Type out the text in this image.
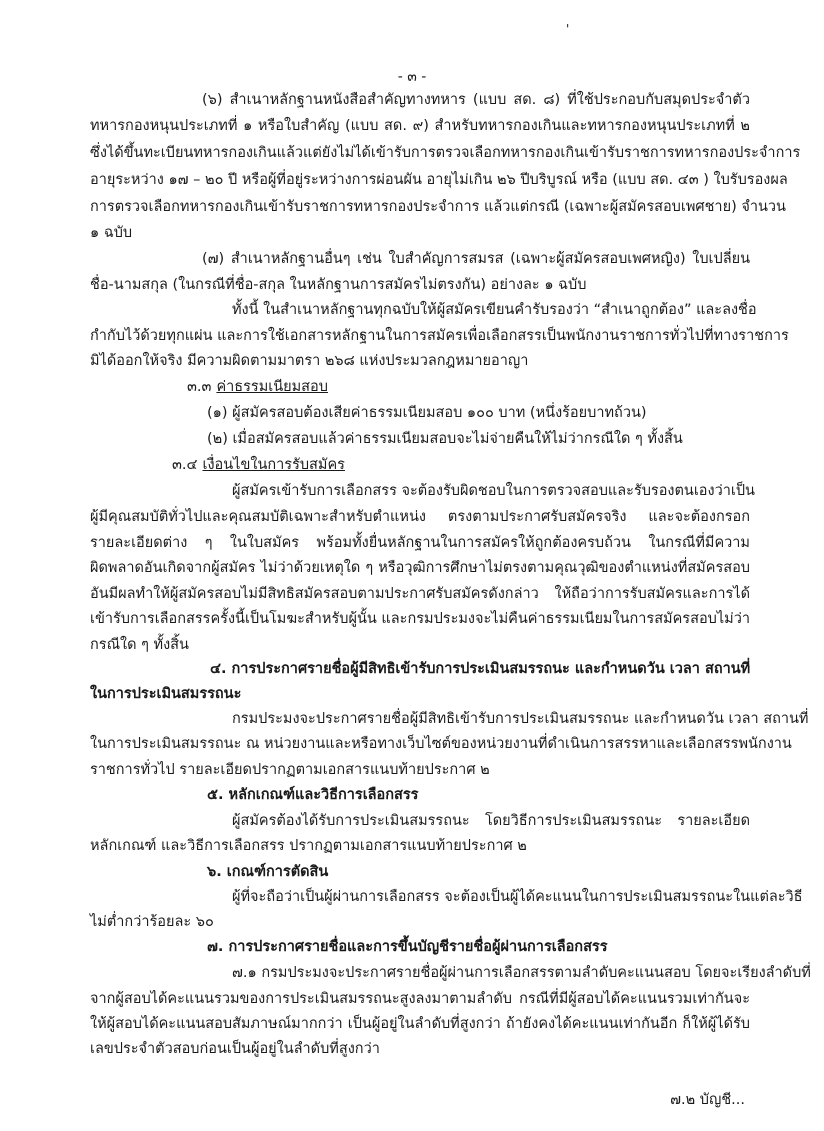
'
- ๓ -
(๖) สำเนาหลักฐานหนังสือสำคัญทางทหาร (แบบ สด. ๘) ที่ใช้ประกอบกับสมุดประจำตัว
ทหารกองหนุนประเภทที่ ๑ หรือใบสำคัญ (แบบ สด. ๙) สำหรับทหารกองเกินและทหารกองหนุนประเภทที่ ๒
ซึ่งได้ขึ้นทะเบียนทหารกองเกินแล้วแต่ยังไม่ได้เข้ารับการตรวจเลือกทหารกองเกินเข้ารับราชการทหารกองประจำการ
อายุระหว่าง ๑๗ – ๒๐ ปี หรือผู้ที่อยู่ระหว่างการผ่อนผัน อายุไม่เกิน ๒๖ ปีบริบูรณ์ หรือ (แบบ สด. ๔๓ ) ใบรับรองผล
การตรวจเลือกทหารกองเกินเข้ารับราชการทหารกองประจำการ แล้วแต่กรณี (เฉพาะผู้สมัครสอบเพศชาย) จำนวน
๑ ฉบับ
(๗) สำเนาหลักฐานอื่นๆ เช่น ใบสำคัญการสมรส (เฉพาะผู้สมัครสอบเพศหญิง) ใบเปลี่ยน
ชื่อ-นามสกุล (ในกรณีที่ชื่อ-สกุล ในหลักฐานการสมัครไม่ตรงกัน) อย่างละ ๑ ฉบับ
ทั้งนี้ ในสำเนาหลักฐานทุกฉบับให้ผู้สมัครเขียนคำรับรองว่า “สำเนาถูกต้อง” และลงชื่อ
กำกับไว้ด้วยทุกแผ่น และการใช้เอกสารหลักฐานในการสมัครเพื่อเลือกสรรเป็นพนักงานราชการทั่วไปที่ทางราชการ
มิได้ออกให้จริง มีความผิดตามมาตรา ๒๖๘ แห่งประมวลกฎหมายอาญา
๓.๓ ค่าธรรมเนียมสอบ
(๑) ผู้สมัครสอบต้องเสียค่าธรรมเนียมสอบ ๑๐๐ บาท (หนึ่งร้อยบาทถ้วน)
(๒) เมื่อสมัครสอบแล้วค่าธรรมเนียมสอบจะไม่จ่ายคืนให้ไม่ว่ากรณีใด ๆ ทั้งสิ้น
๓.๔ เงื่อนไขในการรับสมัคร
ผู้สมัครเข้ารับการเลือกสรร จะต้องรับผิดชอบในการตรวจสอบและรับรองตนเองว่าเป็น
ผู้มีคุณสมบัติทั่วไปและคุณสมบัติเฉพาะสำหรับตำแหน่ง ตรงตามประกาศรับสมัครจริง และจะต้องกรอก
รายละเอียดต่าง ๆ ในใบสมัคร พร้อมทั้งยื่นหลักฐานในการสมัครให้ถูกต้องครบถ้วน ในกรณีที่มีความ
ผิดพลาดอันเกิดจากผู้สมัคร ไม่ว่าด้วยเหตุใด ๆ หรือวุฒิการศึกษาไม่ตรงตามคุณวุฒิของตำแหน่งที่สมัครสอบ
อันมีผลทำให้ผู้สมัครสอบไม่มีสิทธิสมัครสอบตามประกาศรับสมัครดังกล่าว ให้ถือว่าการรับสมัครและการได้
เข้ารับการเลือกสรรครั้งนี้เป็นโมฆะสำหรับผู้นั้น และกรมประมงจะไม่คืนค่าธรรมเนียมในการสมัครสอบไม่ว่า
กรณีใด ๆ ทั้งสิ้น
๔. การประกาศรายชื่อผู้มีสิทธิเข้ารับการประเมินสมรรถนะ และกำหนดวัน เวลา สถานที่
ในการประเมินสมรรถนะ
กรมประมงจะประกาศรายชื่อผู้มีสิทธิเข้ารับการประเมินสมรรถนะ และกำหนดวัน เวลา สถานที่
ในการประเมินสมรรถนะ ณ หน่วยงานและหรือทางเว็บไซต์ของหน่วยงานที่ดำเนินการสรรหาและเลือกสรรพนักงาน
ราชการทั่วไป รายละเอียดปรากฏตามเอกสารแนบท้ายประกาศ ๒
๕. หลักเกณฑ์และวิธีการเลือกสรร
ผู้สมัครต้องได้รับการประเมินสมรรถนะ โดยวิธีการประเมินสมรรถนะ รายละเอียด
หลักเกณฑ์ และวิธีการเลือกสรร ปรากฏตามเอกสารแนบท้ายประกาศ ๒
๖. เกณฑ์การตัดสิน
ผู้ที่จะถือว่าเป็นผู้ผ่านการเลือกสรร จะต้องเป็นผู้ได้คะแนนในการประเมินสมรรถนะในแต่ละวิธี
ไม่ต่ำกว่าร้อยละ ๖๐
๗. การประกาศรายชื่อและการขึ้นบัญชีรายชื่อผู้ผ่านการเลือกสรร
๗.๑ กรมประมงจะประกาศรายชื่อผู้ผ่านการเลือกสรรตามลำดับคะแนนสอบ โดยจะเรียงลำดับที่
จากผู้สอบได้คะแนนรวมของการประเมินสมรรถนะสูงลงมาตามลำดับ กรณีที่มีผู้สอบได้คะแนนรวมเท่ากันจะ
ให้ผู้สอบได้คะแนนสอบสัมภาษณ์มากกว่า เป็นผู้อยู่ในลำดับที่สูงกว่า ถ้ายังคงได้คะแนนเท่ากันอีก ก็ให้ผู้ได้รับ
เลขประจำตัวสอบก่อนเป็นผู้อยู่ในลำดับที่สูงกว่า
๗.๒ บัญชี...
